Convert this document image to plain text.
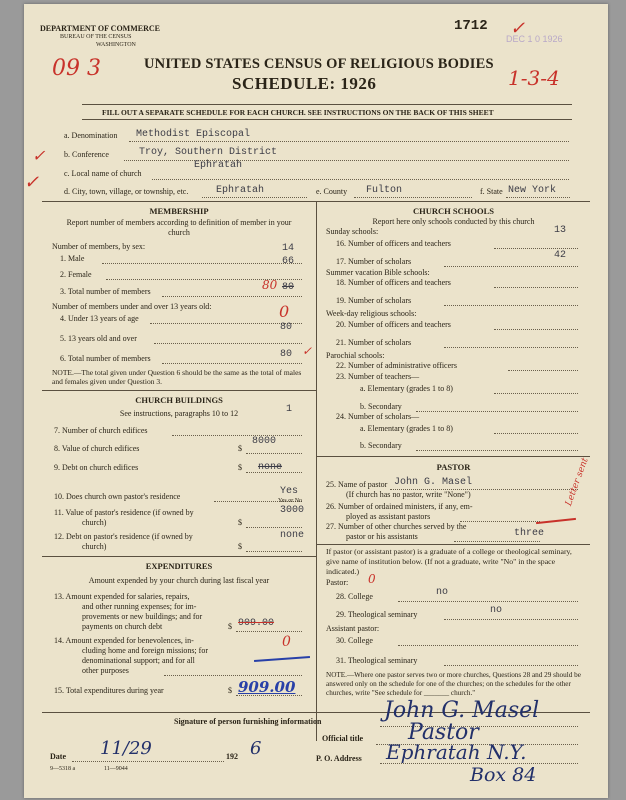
DEPARTMENT OF COMMERCE
BUREAU OF THE CENSUS
WASHINGTON
09 3	UNITED STATES CENSUS OF RELIGIOUS BODIES
SCHEDULE: 1926
1712
DEC 1 0 1926
✓
1-3-4
FILL OUT A SEPARATE SCHEDULE FOR EACH CHURCH. SEE INSTRUCTIONS ON THE BACK OF THIS SHEET
a. Denomination Methodist Episcopal
b. Conference	Troy, Southern District
c. Local name of church
Ephratah
✓
✓	d. City, town, village, or township, etc.	Ephratah	e. County Fulton	f. State New York
MEMBERSHIP
Report number of members according to definition of member in your church
Number of members, by sex:
1. Male
14
2. Female
66
3. Total number of members	80 80
Number of members under and over 13 years old:
4. Under 13 years of age	0
5. 13 years old and over
80
6. Total number of members	80 ✓
NOTE.—The total given under Question 6 should be the same as the total of males and females given under Question 3.
CHURCH BUILDINGS
See instructions, paragraphs 10 to 12	1
7. Number of church edifices
8. Value of church edifices	$
8000
9. Debt on church edifices	$ none
10. Does church own pastor's residence	Yes
Yes or No
11. Value of pastor's residence (if owned by
church)	$
3000
12. Debt on pastor's residence (if owned by
church)	$
none
EXPENDITURES
Amount expended by your church during last fiscal year
13. Amount expended for salaries, repairs,
and other running expenses; for im-
provements or new buildings; and for
payments on church debt	$ 909.00
14. Amount expended for benevolences, in-
cluding home and foreign missions; for
denominational support; and for all
other purposes
0
15. Total expenditures during year	$ 909.00
CHURCH SCHOOLS
Report here only schools conducted by this church
Sunday schools:
16. Number of officers and teachers
13
17. Number of scholars
42
Summer vacation Bible schools:
18. Number of officers and teachers
19. Number of scholars
Week-day religious schools:
20. Number of officers and teachers
21. Number of scholars
Parochial schools:
22. Number of administrative officers
23. Number of teachers—
a. Elementary (grades 1 to 8)
b. Secondary
24. Number of scholars—
a. Elementary (grades 1 to 8)
b. Secondary
PASTOR
25. Name of pastor John G. Masel
(If church has no pastor, write "None")
26. Number of ordained ministers, if any, em-
ployed as assistant pastors
27. Number of other churches served by the
pastor or his assistants	three
Letter sent
If pastor (or assistant pastor) is a graduate of a college or theological seminary, give name of institution below. (If not a graduate, write "No" in the space indicated.)
Pastor: 0
28. College	no
29. Theological seminary	no
Assistant pastor:
30. College
31. Theological seminary
NOTE.—Where one pastor serves two or more churches, Questions 28 and 29 should be answered only on the schedule for one of the churches; on the schedules for the other churches, write "See schedule for _______ church."
Signature of person furnishing information	John G. Masel
Official title Pastor
Date 11/29	192 6	P. O. Address Ephratah N.Y.
Box 84
9—5318 a	11—9044
